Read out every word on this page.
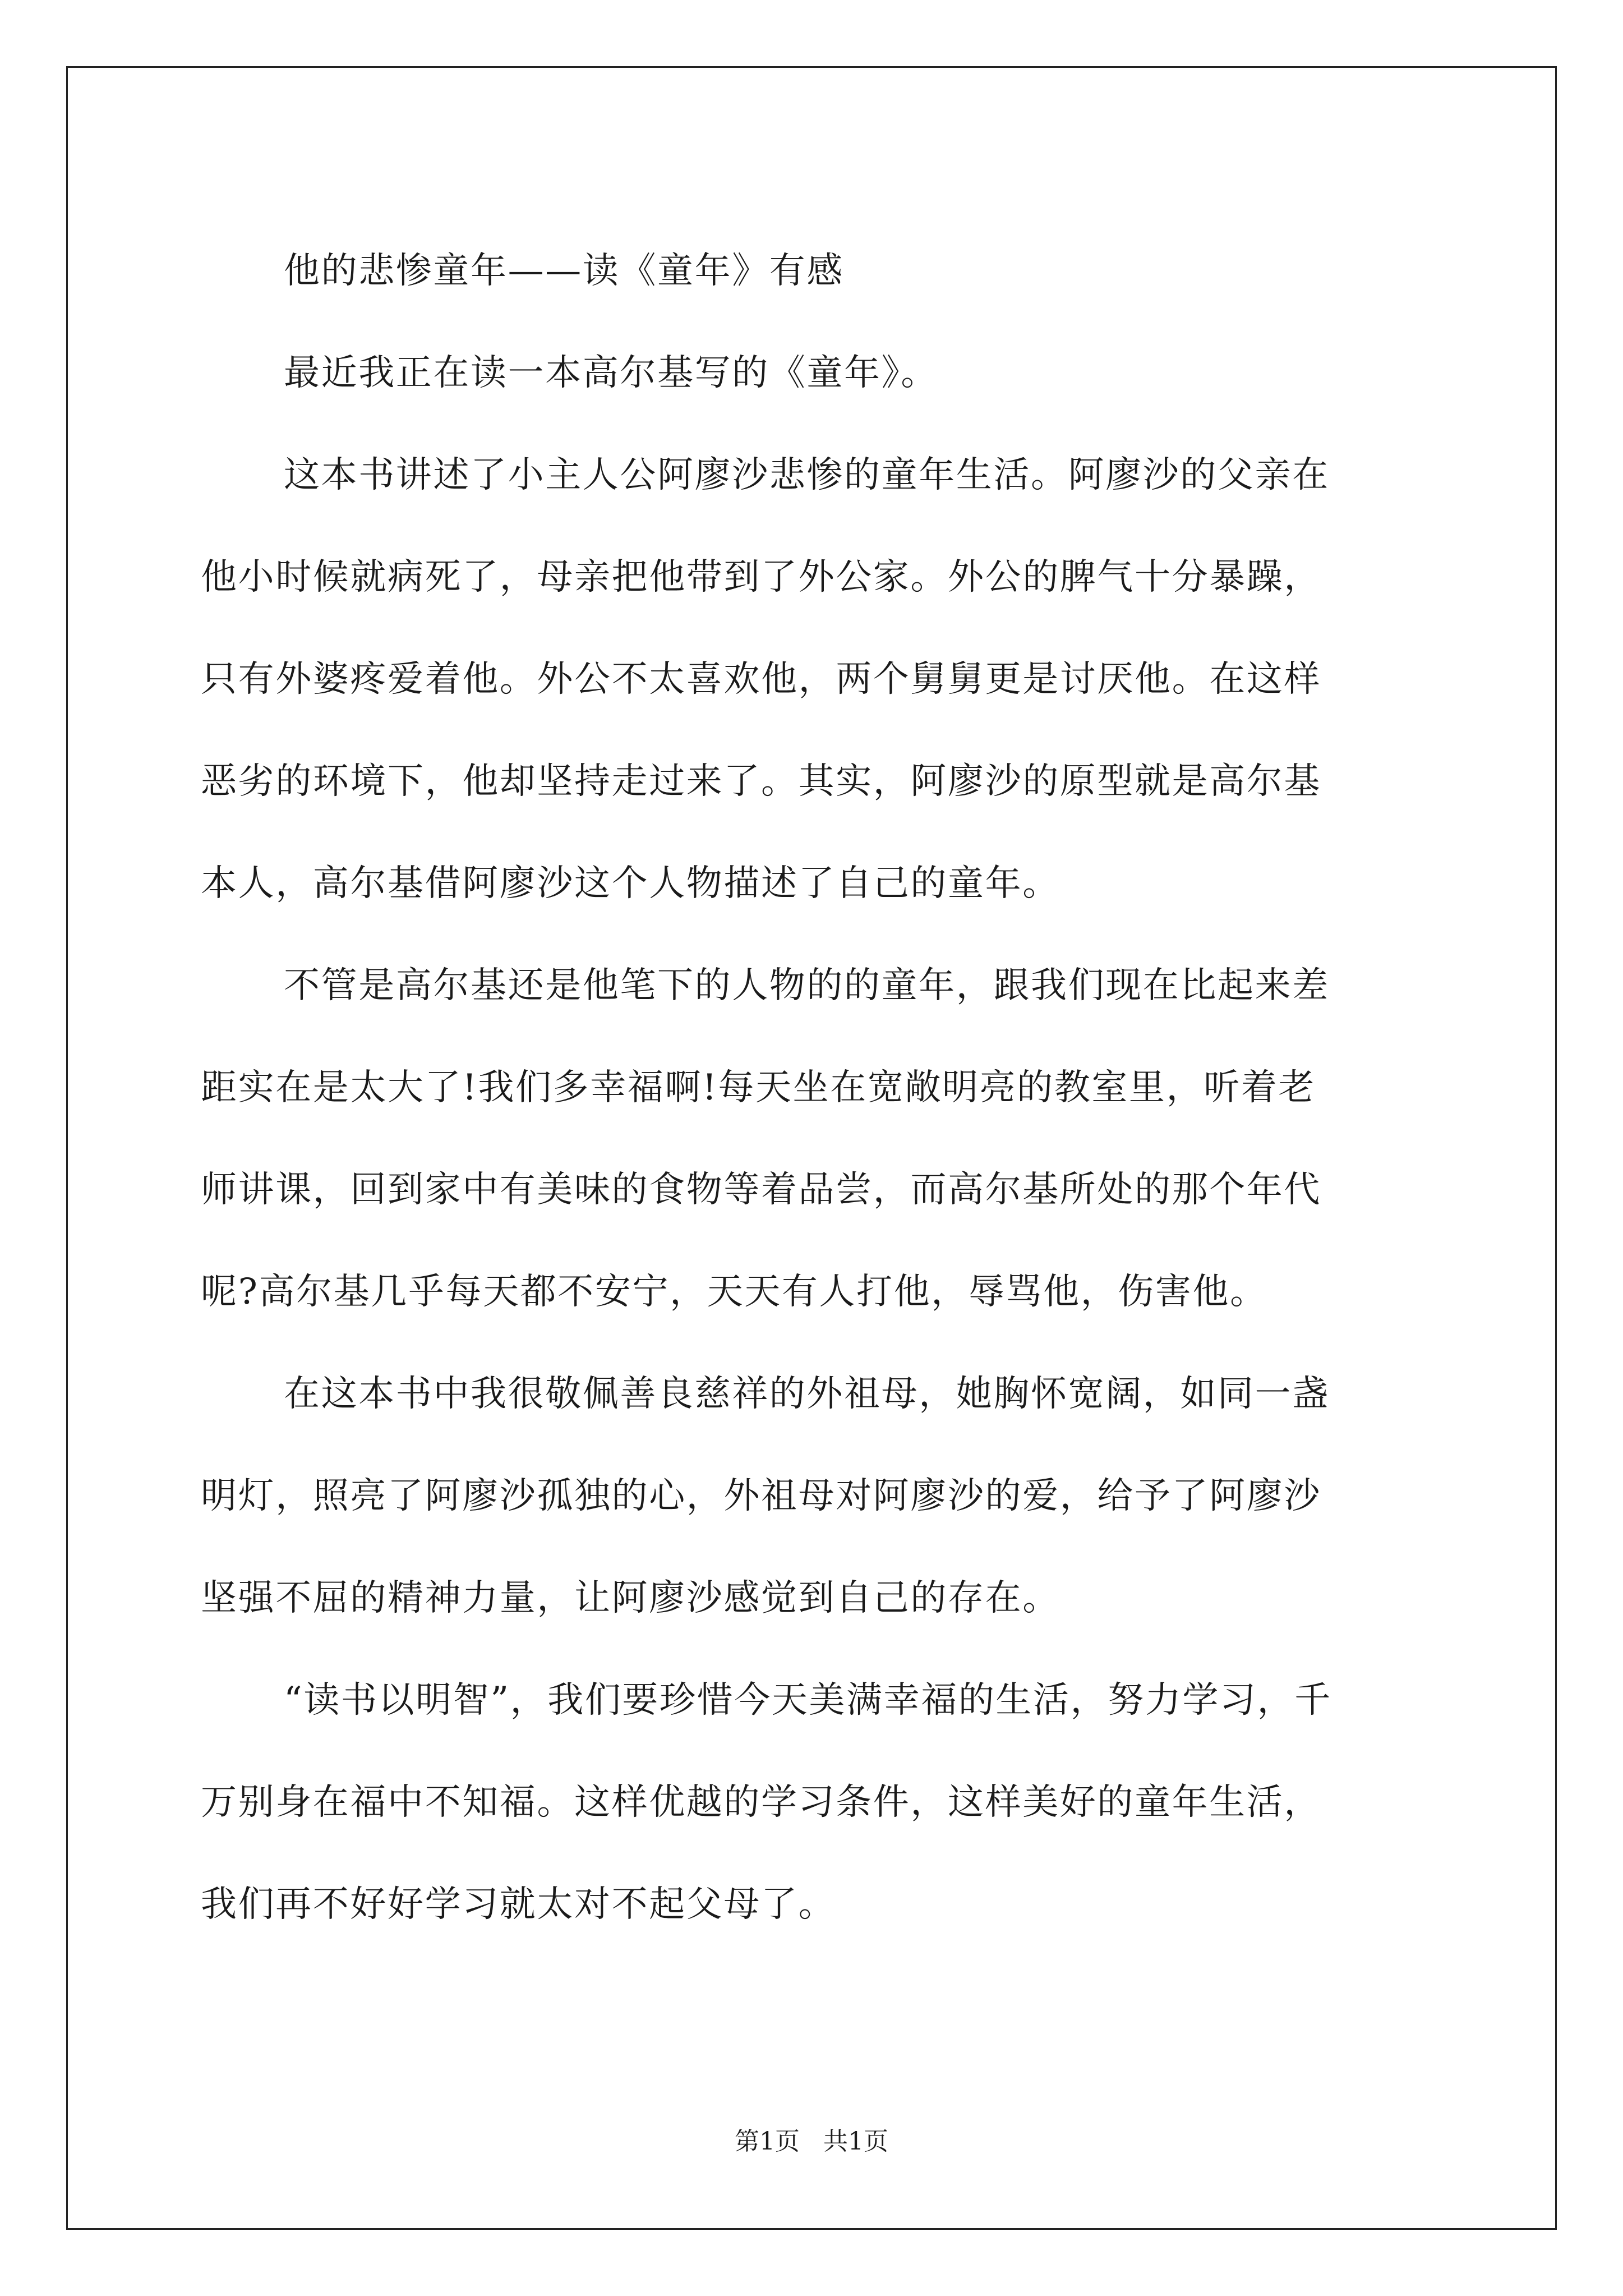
他的悲惨童年——读《童年》有感
最近我正在读一本高尔基写的《童年》。
这本书讲述了小主人公阿廖沙悲惨的童年生活。阿廖沙的父亲在
他小时候就病死了，母亲把他带到了外公家。外公的脾气十分暴躁，
只有外婆疼爱着他。外公不太喜欢他，两个舅舅更是讨厌他。在这样
恶劣的环境下，他却坚持走过来了。其实，阿廖沙的原型就是高尔基
本人，高尔基借阿廖沙这个人物描述了自己的童年。
不管是高尔基还是他笔下的人物的的童年，跟我们现在比起来差
距实在是太大了!我们多幸福啊!每天坐在宽敞明亮的教室里，听着老
师讲课，回到家中有美味的食物等着品尝，而高尔基所处的那个年代
呢?高尔基几乎每天都不安宁，天天有人打他，辱骂他，伤害他。
在这本书中我很敬佩善良慈祥的外祖母，她胸怀宽阔，如同一盏
明灯，照亮了阿廖沙孤独的心，外祖母对阿廖沙的爱，给予了阿廖沙
坚强不屈的精神力量，让阿廖沙感觉到自己的存在。
“读书以明智”，我们要珍惜今天美满幸福的生活，努力学习，千
万别身在福中不知福。这样优越的学习条件，这样美好的童年生活，
我们再不好好学习就太对不起父母了。
第1页 共1页
